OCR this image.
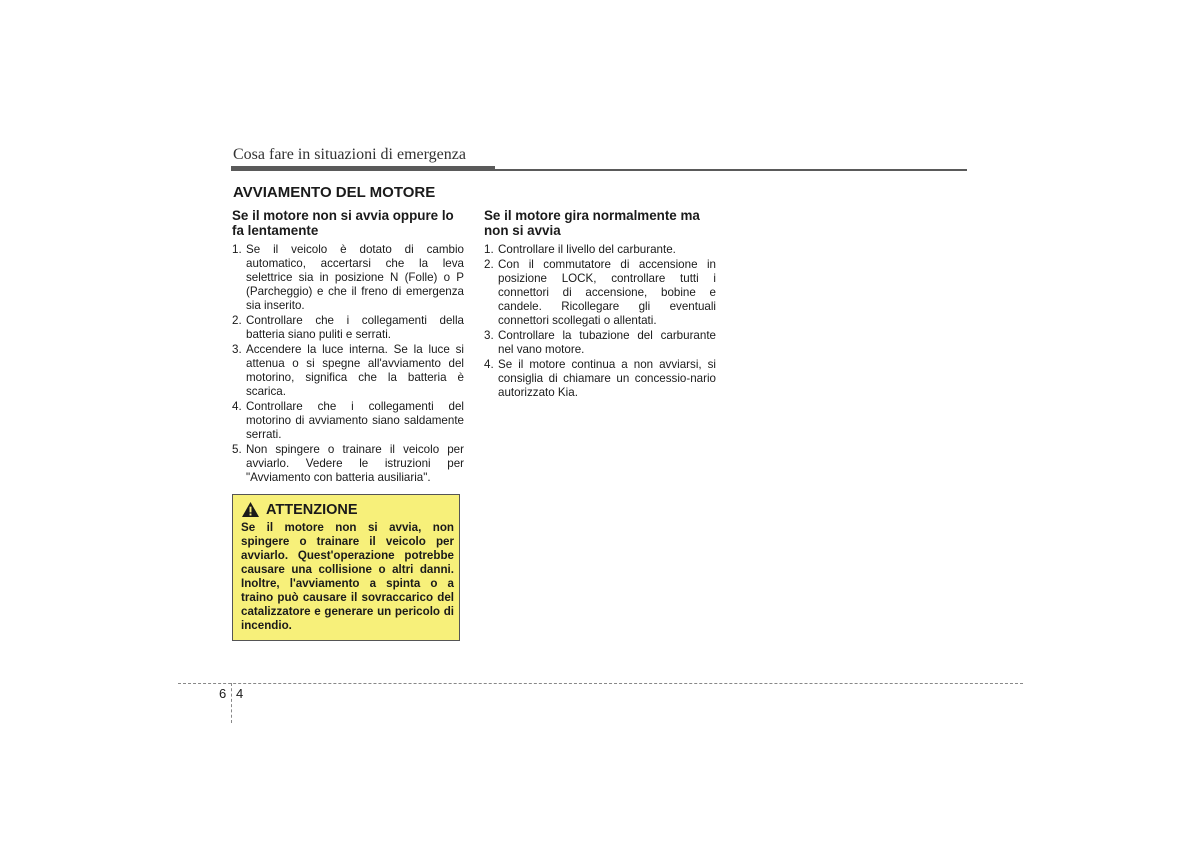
Cosa fare in situazioni di emergenza
AVVIAMENTO DEL MOTORE

Se il motore non si avvia oppure lo fa lentamente

1. Se il veicolo è dotato di cambio automatico, accertarsi che la leva selettrice sia in posizione N (Folle) o P (Parcheggio) e che il freno di emergenza sia inserito.
2. Controllare che i collegamenti della batteria siano puliti e serrati.
3. Accendere la luce interna. Se la luce si attenua o si spegne all'avviamento del motorino, significa che la batteria è scarica.
4. Controllare che i collegamenti del motorino di avviamento siano saldamente serrati.
5. Non spingere o trainare il veicolo per avviarlo. Vedere le istruzioni per "Avviamento con batteria ausiliaria".
ATTENZIONE

Se il motore non si avvia, non spingere o trainare il veicolo per avviarlo. Quest'operazione potrebbe causare una collisione o altri danni. Inoltre, l'avviamento a spinta o a traino può causare il sovraccarico del catalizzatore e generare un pericolo di incendio.

Se il motore gira normalmente ma non si avvia

1. Controllare il livello del carburante.
2. Con il commutatore di accensione in posizione LOCK, controllare tutti i connettori di accensione, bobine e candele. Ricollegare gli eventuali connettori scollegati o allentati.
3. Controllare la tubazione del carburante nel vano motore.
4. Se il motore continua a non avviarsi, si consiglia di chiamare un concessio-nario autorizzato Kia.
6 4
